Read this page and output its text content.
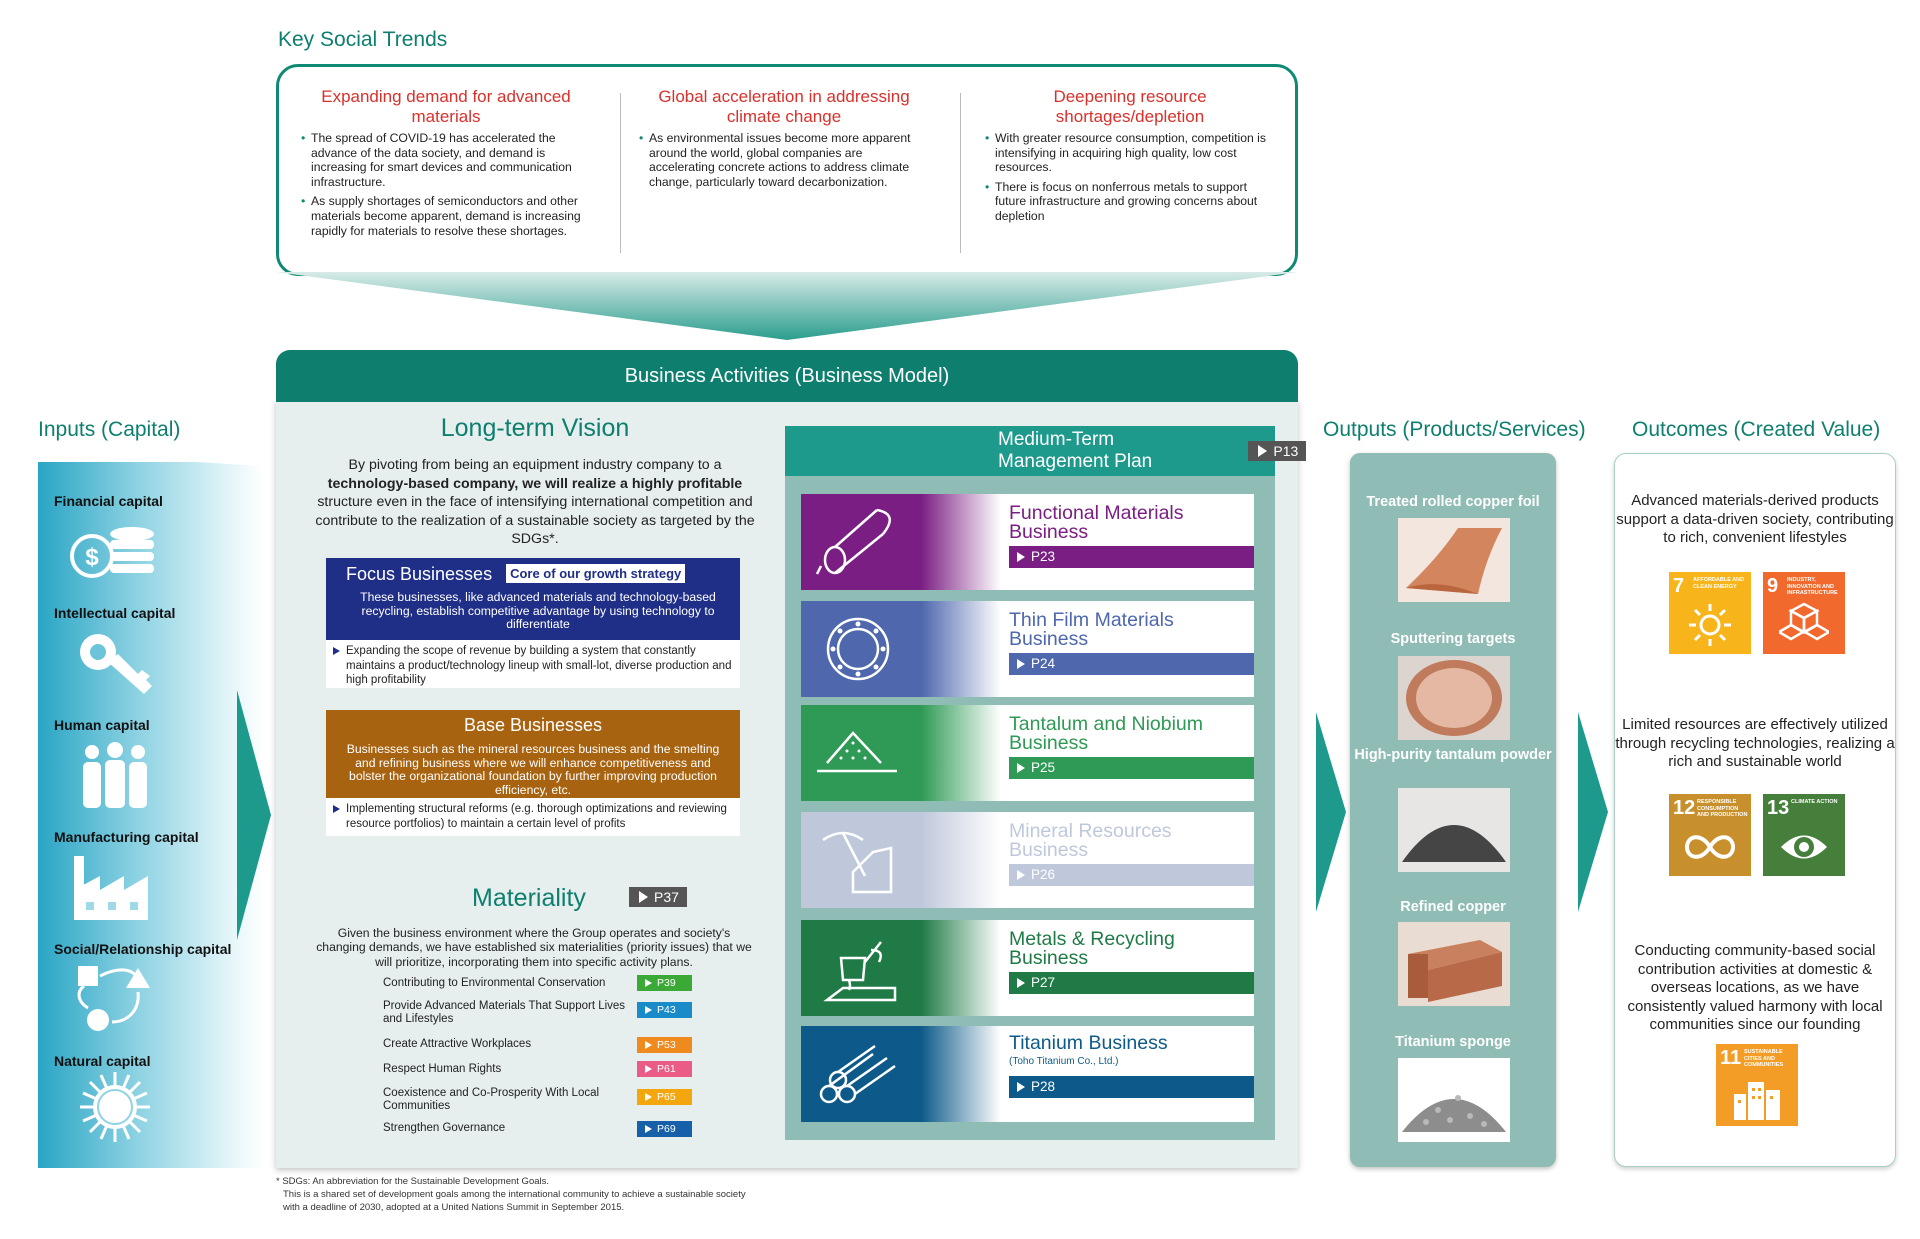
Key Social Trends
Expanding demand for advanced materials
• The spread of COVID-19 has accelerated the advance of the data society, and demand is increasing for smart devices and communication infrastructure.
• As supply shortages of semiconductors and other materials become apparent, demand is increasing rapidly for materials to resolve these shortages.
Global acceleration in addressing climate change
• As environmental issues become more apparent around the world, global companies are accelerating concrete actions to address climate change, particularly toward decarbonization.
Deepening resource shortages/depletion
• With greater resource consumption, competition is intensifying in acquiring high quality, low cost resources.
• There is focus on nonferrous metals to support future infrastructure and growing concerns about depletion
Business Activities (Business Model)
Inputs (Capital)
Financial capital
$
Intellectual capital
Human capital
Manufacturing capital
Social/Relationship capital
Natural capital
Long-term Vision
By pivoting from being an equipment industry company to a
technology-based company, we will realize a highly profitable
structure even in the face of intensifying international competition and contribute to the realization of a sustainable society as targeted by the SDGs*.
Focus Businesses Core of our growth strategy

These businesses, like advanced materials and technology-based recycling, establish competitive advantage by using technology to differentiate

Expanding the scope of revenue by building a system that constantly maintains a product/technology lineup with small-lot, diverse production and high profitability
Base Businesses

Businesses such as the mineral resources business and the smelting and refining business where we will enhance competitiveness and bolster the organizational foundation by further improving production efficiency, etc.

Implementing structural reforms (e.g. thorough optimizations and reviewing resource portfolios) to maintain a certain level of profits
Materiality	P37
Given the business environment where the Group operates and society's changing demands, we have established six materialities (priority issues) that we will prioritize, incorporating them into specific activity plans.
Contributing to Environmental Conservation	P39
Provide Advanced Materials That Support Lives and Lifestyles
P43
Create Attractive Workplaces	P53
Respect Human Rights	P61
Coexistence and Co-Prosperity With Local Communities
P65
Strengthen Governance	P69
Medium-Term Management Plan	P13
Functional Materials Business
P23
Thin Film Materials Business
P24
Tantalum and Niobium Business
P25
Mineral Resources Business
P26
Metals & Recycling Business
P27
Titanium Business
(Toho Titanium Co., Ltd.)
P28
Outputs (Products/Services)
Treated rolled copper foil
Sputtering targets
High-purity tantalum powder
Refined copper
Titanium sponge
Outcomes (Created Value)
Advanced materials-derived products support a data-driven society, contributing to rich, convenient lifestyles
7 AFFORDABLE AND CLEAN ENERGY	9 INDUSTRY, INNOVATION AND INFRASTRUCTURE
Limited resources are effectively utilized through recycling technologies, realizing a rich and sustainable world
12 RESPONSIBLE CONSUMPTION AND PRODUCTION 13 CLIMATE ACTION
Conducting community-based social contribution activities at domestic & overseas locations, as we have consistently valued harmony with local communities since our founding
11 SUSTAINABLE CITIES AND COMMUNITIES
* SDGs: An abbreviation for the Sustainable Development Goals.
This is a shared set of development goals among the international community to achieve a sustainable society
with a deadline of 2030, adopted at a United Nations Summit in September 2015.
